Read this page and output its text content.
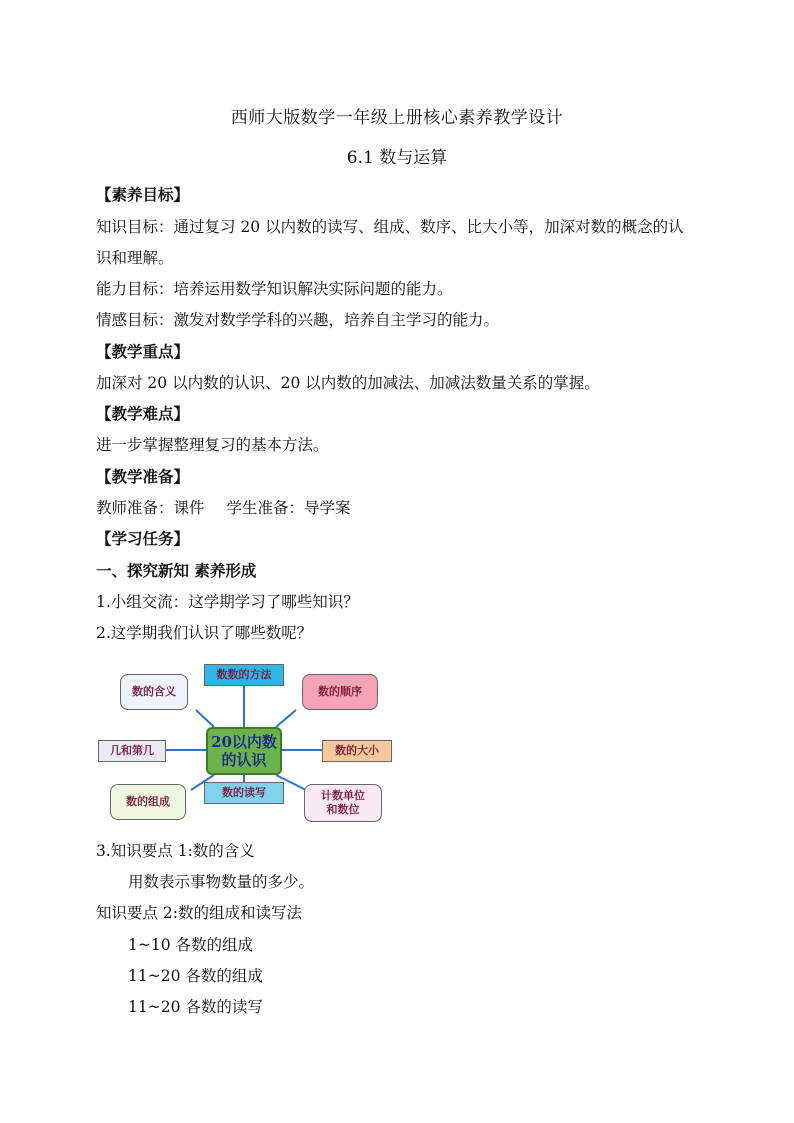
西师大版数学一年级上册核心素养教学设计
6.1 数与运算
【素养目标】
知识目标：通过复习 20 以内数的读写、组成、数序、比大小等，加深对数的概念的认
识和理解。
能力目标：培养运用数学知识解决实际问题的能力。
情感目标：激发对数学学科的兴趣，培养自主学习的能力。
【教学重点】
加深对 20 以内数的认识、20 以内数的加减法、加减法数量关系的掌握。
【教学难点】
进一步掌握整理复习的基本方法。
【教学准备】
教师准备：课件 学生准备：导学案
【学习任务】
一、探究新知 素养形成
1.小组交流：这学期学习了哪些知识？
2.这学期我们认识了哪些数呢？
数的含义
数数的方法
数的顺序
几和第几	20以内数
的认识
数的大小
数的组成
数的读写	计数单位
和数位
3.知识要点 1:数的含义
用数表示事物数量的多少。
知识要点 2:数的组成和读写法
1~10 各数的组成
11~20 各数的组成
11~20 各数的读写
